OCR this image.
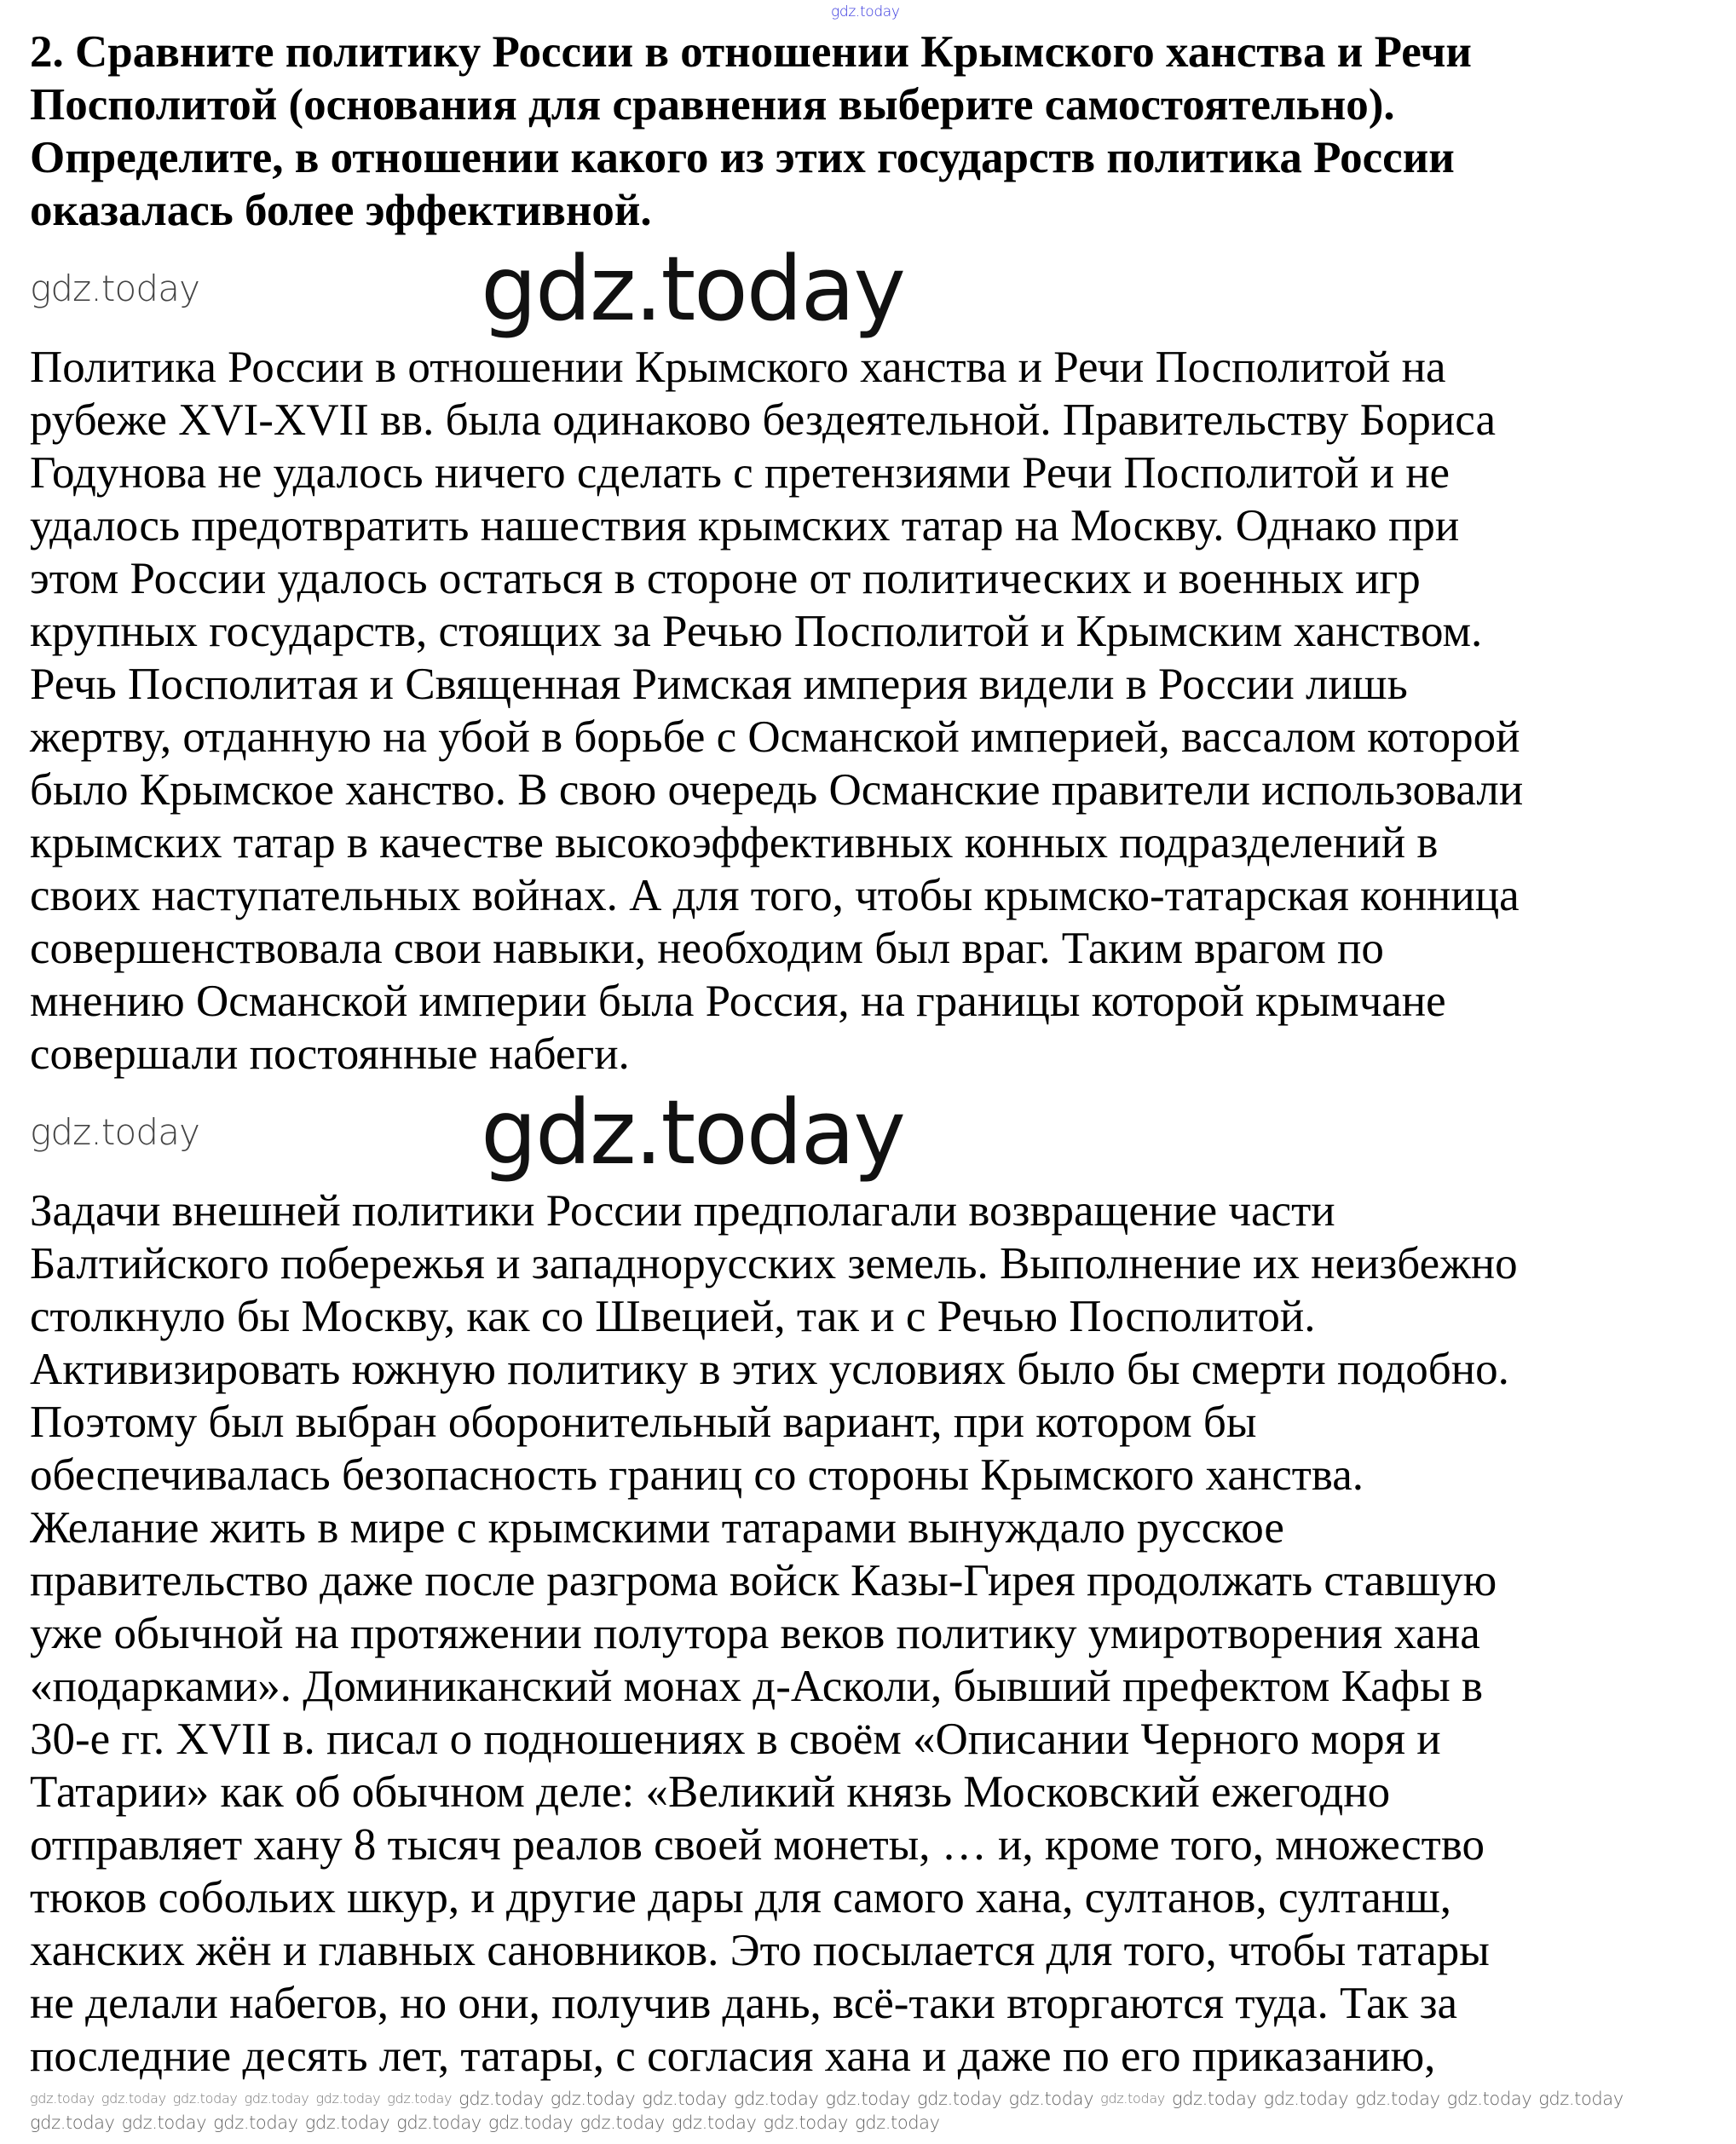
gdz.today
2. Сравните политику России в отношении Крымского ханства и Речи
Посполитой (основания для сравнения выберите самостоятельно).
Определите, в отношении какого из этих государств политика России
оказалась более эффективной.
gdz.today	gdz.today
Политика России в отношении Крымского ханства и Речи Посполитой на
рубеже XVI-XVII вв. была одинаково бездеятельной. Правительству Бориса
Годунова не удалось ничего сделать с претензиями Речи Посполитой и не
удалось предотвратить нашествия крымских татар на Москву. Однако при
этом России удалось остаться в стороне от политических и военных игр
крупных государств, стоящих за Речью Посполитой и Крымским ханством.
Речь Посполитая и Священная Римская империя видели в России лишь
жертву, отданную на убой в борьбе с Османской империей, вассалом которой
было Крымское ханство. В свою очередь Османские правители использовали
крымских татар в качестве высокоэффективных конных подразделений в
своих наступательных войнах. А для того, чтобы крымско-татарская конница
совершенствовала свои навыки, необходим был враг. Таким врагом по
мнению Османской империи была Россия, на границы которой крымчане
совершали постоянные набеги.
gdz.today	gdz.today
Задачи внешней политики России предполагали возвращение части
Балтийского побережья и западнорусских земель. Выполнение их неизбежно
столкнуло бы Москву, как со Швецией, так и с Речью Посполитой.
Активизировать южную политику в этих условиях было бы смерти подобно.
Поэтому был выбран оборонительный вариант, при котором бы
обеспечивалась безопасность границ со стороны Крымского ханства.
Желание жить в мире с крымскими татарами вынуждало русское
правительство даже после разгрома войск Казы-Гирея продолжать ставшую
уже обычной на протяжении полутора веков политику умиротворения хана
«подарками». Доминиканский монах д-Асколи, бывший префектом Кафы в
30-е гг. XVII в. писал о подношениях в своём «Описании Черного моря и
Татарии» как об обычном деле: «Великий князь Московский ежегодно
отправляет хану 8 тысяч реалов своей монеты, … и, кроме того, множество
тюков собольих шкур, и другие дары для самого хана, султанов, султанш,
ханских жён и главных сановников. Это посылается для того, чтобы татары
не делали набегов, но они, получив дань, всё-таки вторгаются туда. Так за
последние десять лет, татары, с согласия хана и даже по его приказанию,
gdz.today gdz.today gdz.today gdz.today gdz.today gdz.today gdz.today gdz.today gdz.today gdz.today gdz.today gdz.today gdz.today gdz.today gdz.today gdz.today gdz.today gdz.today gdz.today
gdz.today gdz.today gdz.today gdz.today gdz.today gdz.today gdz.today gdz.today gdz.today gdz.today
